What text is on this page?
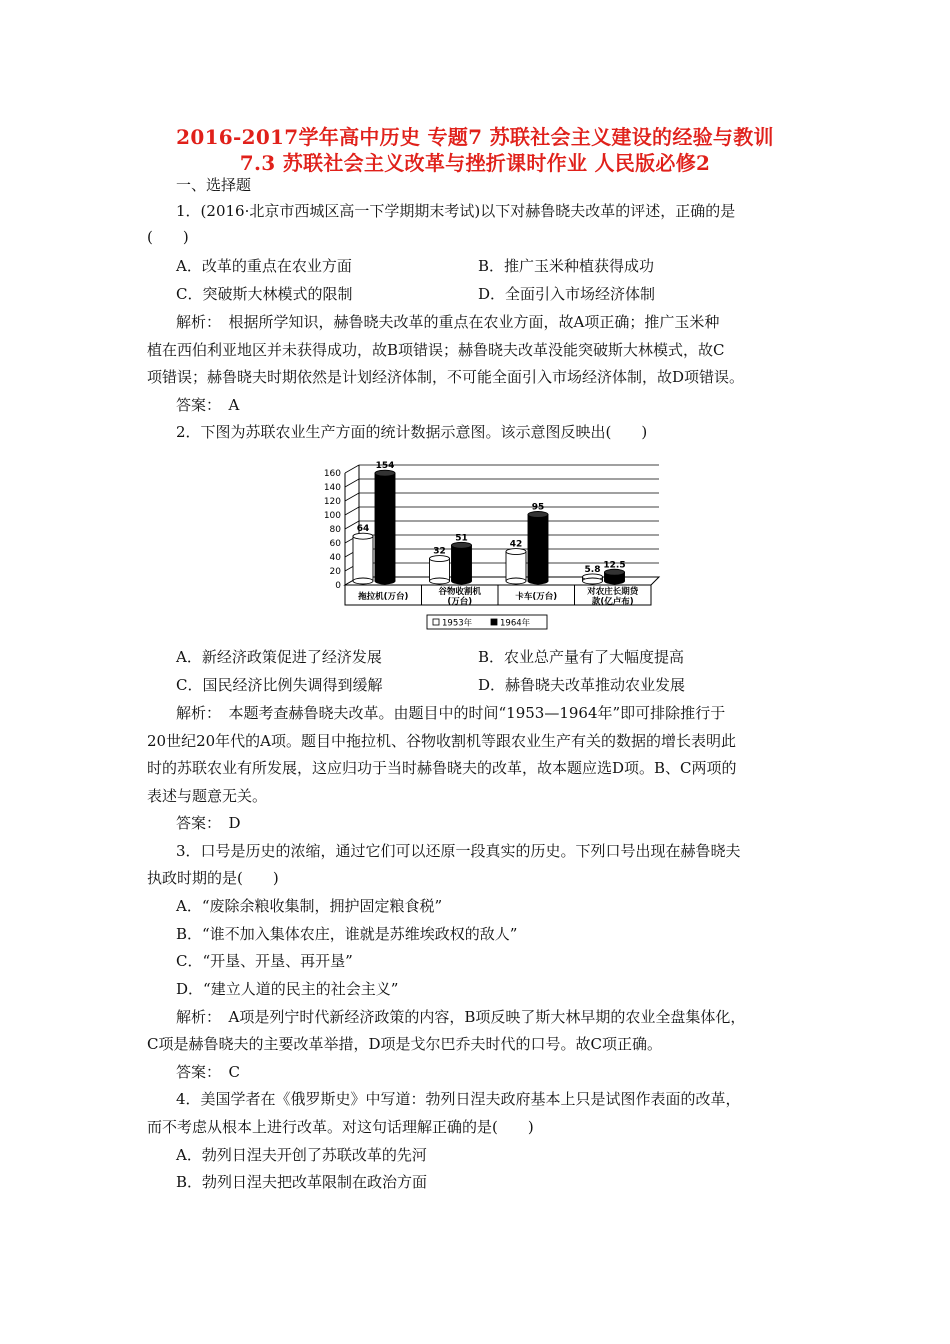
2016-2017学年高中历史 专题7 苏联社会主义建设的经验与教训
7.3 苏联社会主义改革与挫折课时作业 人民版必修2
一、选择题
1．(2016·北京市西城区高一下学期期末考试)以下对赫鲁晓夫改革的评述，正确的是
(　　)
A．改革的重点在农业方面	B．推广玉米种植获得成功
C．突破斯大林模式的限制	D．全面引入市场经济体制
解析：　根据所学知识，赫鲁晓夫改革的重点在农业方面，故A项正确；推广玉米种
植在西伯利亚地区并未获得成功，故B项错误；赫鲁晓夫改革没能突破斯大林模式，故C
项错误；赫鲁晓夫时期依然是计划经济体制，不可能全面引入市场经济体制，故D项错误。
答案：　A
2．下图为苏联农业生产方面的统计数据示意图。该示意图反映出(　　)
0
20
40
60
80
100
120
140
160
拖拉机(万台)	谷物收割机
(万台)	卡车(万台)	对农庄长期贷
款(亿卢布)
64
154
32
51
42
95
5.8 12.5
1953年	1964年
A．新经济政策促进了经济发展	B．农业总产量有了大幅度提高
C．国民经济比例失调得到缓解	D．赫鲁晓夫改革推动农业发展
解析：　本题考查赫鲁晓夫改革。由题目中的时间“1953—1964年”即可排除推行于
20世纪20年代的A项。题目中拖拉机、谷物收割机等跟农业生产有关的数据的增长表明此
时的苏联农业有所发展，这应归功于当时赫鲁晓夫的改革，故本题应选D项。B、C两项的
表述与题意无关。
答案：　D
3．口号是历史的浓缩，通过它们可以还原一段真实的历史。下列口号出现在赫鲁晓夫
执政时期的是(　　)
A．“废除余粮收集制，拥护固定粮食税”
B．“谁不加入集体农庄，谁就是苏维埃政权的敌人”
C．“开垦、开垦、再开垦”
D．“建立人道的民主的社会主义”
解析：　A项是列宁时代新经济政策的内容，B项反映了斯大林早期的农业全盘集体化，
C项是赫鲁晓夫的主要改革举措，D项是戈尔巴乔夫时代的口号。故C项正确。
答案：　C
4．美国学者在《俄罗斯史》中写道：勃列日涅夫政府基本上只是试图作表面的改革，
而不考虑从根本上进行改革。对这句话理解正确的是(　　)
A．勃列日涅夫开创了苏联改革的先河
B．勃列日涅夫把改革限制在政治方面
